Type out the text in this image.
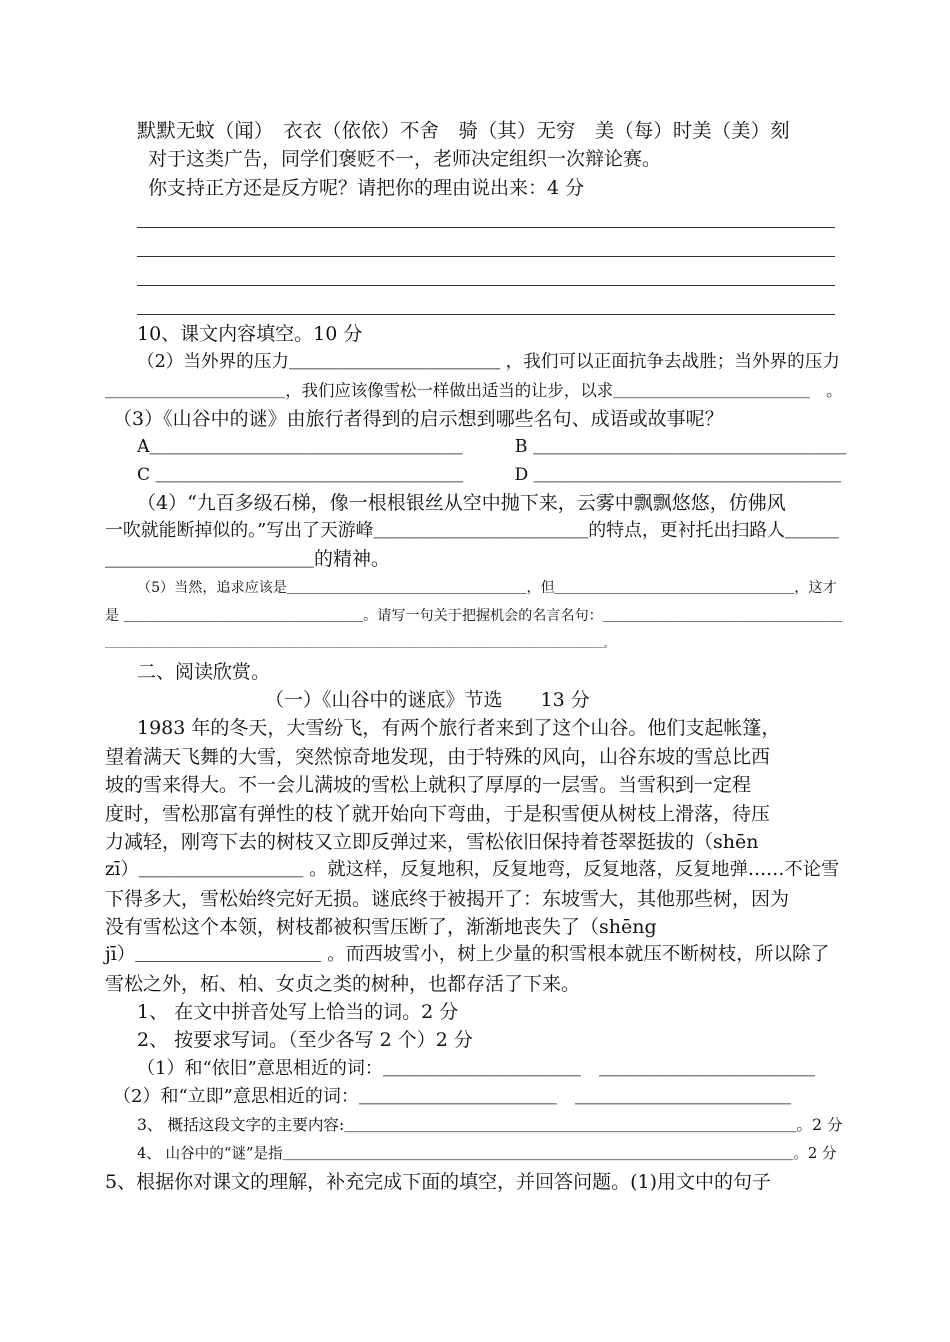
默默无蚊（闻）　衣衣（依依）不舍　骑（其）无穷　美（每）时美（美）刻
对于这类广告，同学们褒贬不一，老师决定组织一次辩论赛。
你支持正方还是反方呢？请把你的理由说出来：4 分
10、课文内容填空。10 分
（2）当外界的压力＿＿＿＿＿＿＿＿＿＿＿＿ ，我们可以正面抗争去战胜；当外界的压力
＿＿＿＿＿＿＿＿＿＿＿，我们应该像雪松一样做出适当的让步，以求＿＿＿＿＿＿＿＿＿＿＿＿　。
（3）《山谷中的谜》由旅行者得到的启示想到哪些名句、成语或故事呢？
A＿＿＿＿＿＿＿＿＿＿＿＿＿＿＿＿＿＿　　　B ＿＿＿＿＿＿＿＿＿＿＿＿＿＿＿＿＿＿
C ＿＿＿＿＿＿＿＿＿＿＿＿＿＿＿＿＿＿　　　D ＿＿＿＿＿＿＿＿＿＿＿＿＿＿＿＿＿＿
（4）“九百多级石梯，像一根根银丝从空中抛下来，云雾中飘飘悠悠，仿佛风
一吹就能断掉似的。”写出了天游峰＿＿＿＿＿＿＿＿＿＿＿＿的特点，更衬托出扫路人＿＿＿
＿＿＿＿＿＿＿＿＿＿＿的精神。
（5）当然，追求应该是＿＿＿＿＿＿＿＿＿＿＿＿＿＿＿＿＿，但＿＿＿＿＿＿＿＿＿＿＿＿＿＿＿＿＿，这才
是 ＿＿＿＿＿＿＿＿＿＿＿＿＿＿＿＿＿。请写一句关于把握机会的名言名句：＿＿＿＿＿＿＿＿＿＿＿＿＿＿＿＿＿
＿＿＿＿＿＿＿＿＿＿＿＿＿＿＿＿＿＿＿＿＿＿＿＿＿＿＿＿＿＿＿＿＿＿＿＿＿＿＿＿＿＿＿＿＿＿＿＿。
二、阅读欣赏。
（一）《山谷中的谜底》节选　　13 分
1983 年的冬天，大雪纷飞，有两个旅行者来到了这个山谷。他们支起帐篷，
望着满天飞舞的大雪，突然惊奇地发现，由于特殊的风向，山谷东坡的雪总比西
坡的雪来得大。不一会儿满坡的雪松上就积了厚厚的一层雪。当雪积到一定程
度时，雪松那富有弹性的枝丫就开始向下弯曲，于是积雪便从树枝上滑落，待压
力减轻，刚弯下去的树枝又立即反弹过来，雪松依旧保持着苍翠挺拔的（shēn
zī）＿＿＿＿＿＿＿＿＿ 。就这样，反复地积，反复地弯，反复地落，反复地弹……不论雪
下得多大，雪松始终完好无损。谜底终于被揭开了：东坡雪大，其他那些树，因为
没有雪松这个本领，树枝都被积雪压断了，渐渐地丧失了（shēng
jī）＿＿＿＿＿＿＿＿＿＿ 。而西坡雪小，树上少量的积雪根本就压不断树枝，所以除了
雪松之外，柘、柏、女贞之类的树种，也都存活了下来。
1、 在文中拼音处写上恰当的词。2 分
2、 按要求写词。（至少各写 2 个）2 分
（1）和“依旧”意思相近的词：＿＿＿＿＿＿＿＿＿＿＿　＿＿＿＿＿＿＿＿＿＿＿＿
（2）和“立即”意思相近的词：＿＿＿＿＿＿＿＿＿＿＿　＿＿＿＿＿＿＿＿＿＿＿＿
3、 概括这段文字的主要内容:＿＿＿＿＿＿＿＿＿＿＿＿＿＿＿＿＿＿＿＿＿＿＿＿＿＿＿＿＿。2 分
4、 山谷中的“谜”是指＿＿＿＿＿＿＿＿＿＿＿＿＿＿＿＿＿＿＿＿＿＿＿＿＿＿＿＿＿＿＿＿＿＿＿。2 分
5、根据你对课文的理解，补充完成下面的填空，并回答问题。(1)用文中的句子
